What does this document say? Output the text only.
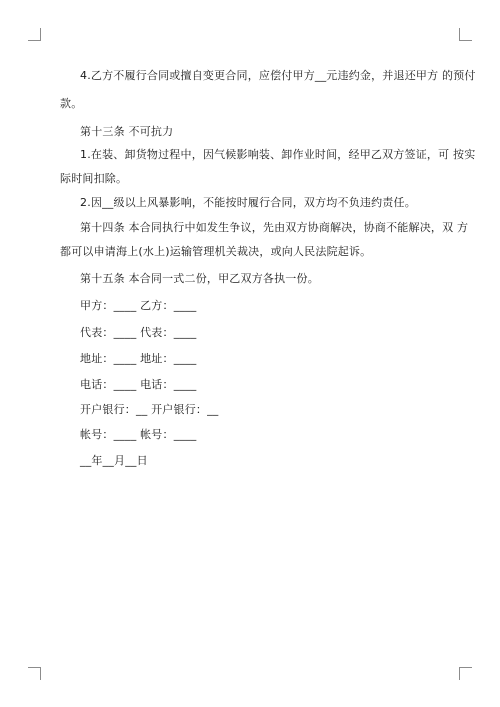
4.乙方不履行合同或擅自变更合同，应偿付甲方__元违约金，并退还甲方 的预付
款。
第十三条 不可抗力
1.在装、卸货物过程中，因气候影响装、卸作业时间，经甲乙双方签证，可 按实
际时间扣除。
2.因__级以上风暴影响，不能按时履行合同，双方均不负违约责任。
第十四条 本合同执行中如发生争议，先由双方协商解决，协商不能解决，双 方
都可以申请海上(水上)运输管理机关裁决，或向人民法院起诉。
第十五条 本合同一式二份，甲乙双方各执一份。
甲方：____ 乙方：____
代表：____ 代表：____
地址：____ 地址：____
电话：____ 电话：____
开户银行：__ 开户银行：__
帐号：____ 帐号：____
__年__月__日
